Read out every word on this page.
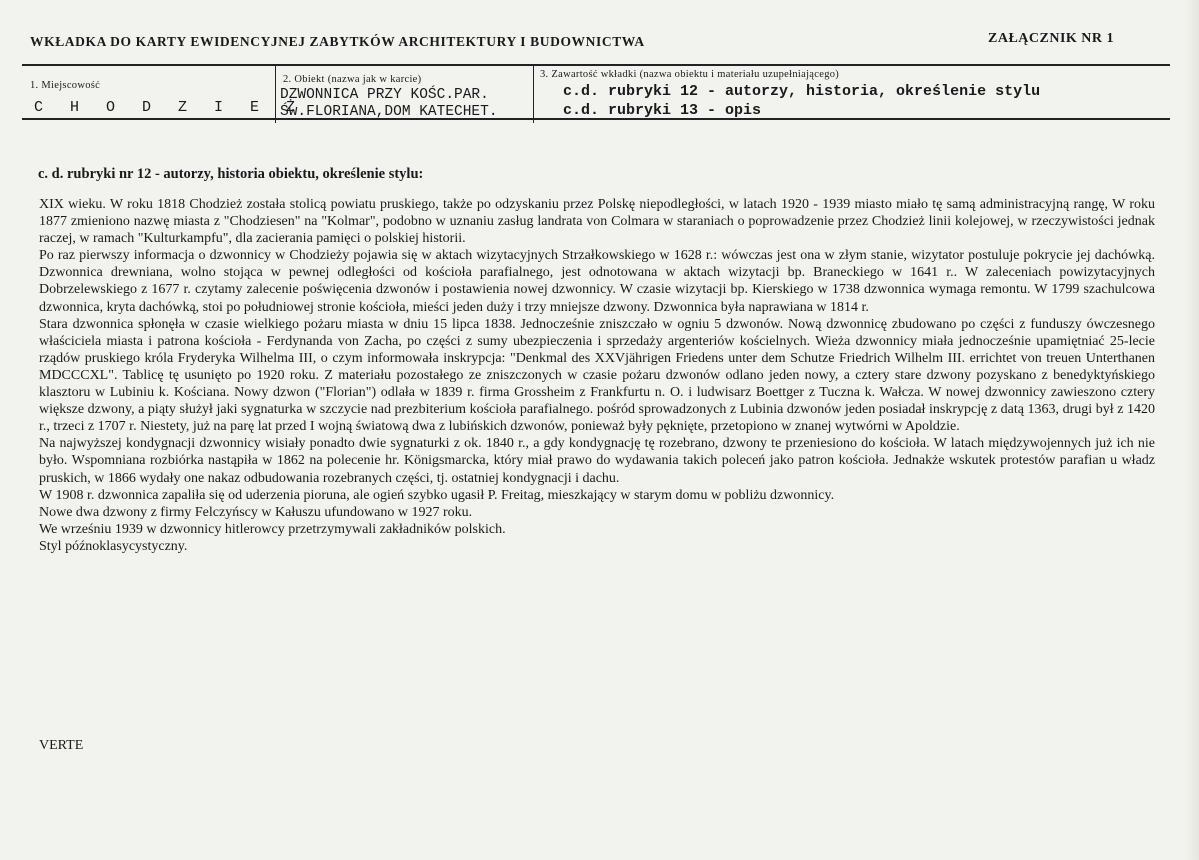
WKŁADKA DO KARTY EWIDENCYJNEJ ZABYTKÓW ARCHITEKTURY I BUDOWNICTWA	ZAŁĄCZNIK NR 1
1. Miejscowość
C H O D Z I E Ż
2. Obiekt (nazwa jak w karcie)
DZWONNICA PRZY KOŚC.PAR.
Św.FLORIANA,DOM KATECHET.
3. Zawartość wkładki (nazwa obiektu i materiału uzupełniającego)
c.d. rubryki 12 - autorzy, historia, określenie stylu
c.d. rubryki 13 - opis
c. d. rubryki nr 12 - autorzy, historia obiektu, określenie stylu:

XIX wieku. W roku 1818 Chodzież została stolicą powiatu pruskiego, także po odzyskaniu przez Polskę niepodległości, w latach 1920 - 1939 miasto miało tę samą administracyjną rangę, W roku 1877 zmieniono nazwę miasta z "Chodziesen" na "Kolmar", podobno w uznaniu zasług landrata von Colmara w staraniach o poprowadzenie przez Chodzież linii kolejowej, w rzeczywistości jednak raczej, w ramach "Kulturkampfu", dla zacierania pamięci o polskiej historii.

Po raz pierwszy informacja o dzwonnicy w Chodzieży pojawia się w aktach wizytacyjnych Strzałkowskiego w 1628 r.: wówczas jest ona w złym stanie, wizytator postuluje pokrycie jej dachówką. Dzwonnica drewniana, wolno stojąca w pewnej odległości od kościoła parafialnego, jest odnotowana w aktach wizytacji bp. Braneckiego w 1641 r.. W zaleceniach powizytacyjnych Dobrzelewskiego z 1677 r. czytamy zalecenie poświęcenia dzwonów i postawienia nowej dzwonnicy. W czasie wizytacji bp. Kierskiego w 1738 dzwonnica wymaga remontu. W 1799 szachulcowa dzwonnica, kryta dachówką, stoi po południowej stronie kościoła, mieści jeden duży i trzy mniejsze dzwony. Dzwonnica była naprawiana w 1814 r.

Stara dzwonnica spłonęła w czasie wielkiego pożaru miasta w dniu 15 lipca 1838. Jednocześnie zniszczało w ogniu 5 dzwonów. Nową dzwonnicę zbudowano po części z funduszy ówczesnego właściciela miasta i patrona kościoła - Ferdynanda von Zacha, po części z sumy ubezpieczenia i sprzedaży argenteriów kościelnych. Wieża dzwonnicy miała jednocześnie upamiętniać 25-lecie rządów pruskiego króla Fryderyka Wilhelma III, o czym informowała inskrypcja: "Denkmal des XXVjährigen Friedens unter dem Schutze Friedrich Wilhelm III. errichtet von treuen Unterthanen MDCCCXL". Tablicę tę usunięto po 1920 roku. Z materiału pozostałego ze zniszczonych w czasie pożaru dzwonów odlano jeden nowy, a cztery stare dzwony pozyskano z benedyktyńskiego klasztoru w Lubiniu k. Kościana. Nowy dzwon ("Florian") odlała w 1839 r. firma Grossheim z Frankfurtu n. O. i ludwisarz Boettger z Tuczna k. Wałcza. W nowej dzwonnicy zawieszono cztery większe dzwony, a piąty służył jaki sygnaturka w szczycie nad prezbiterium kościoła parafialnego. pośród sprowadzonych z Lubinia dzwonów jeden posiadał inskrypcję z datą 1363, drugi był z 1420 r., trzeci z 1707 r. Niestety, już na parę lat przed I wojną światową dwa z lubińskich dzwonów, ponieważ były pęknięte, przetopiono w znanej wytwórni w Apoldzie.

Na najwyższej kondygnacji dzwonnicy wisiały ponadto dwie sygnaturki z ok. 1840 r., a gdy kondygnację tę rozebrano, dzwony te przeniesiono do kościoła. W latach międzywojennych już ich nie było. Wspomniana rozbiórka nastąpiła w 1862 na polecenie hr. Königsmarcka, który miał prawo do wydawania takich poleceń jako patron kościoła. Jednakże wskutek protestów parafian u władz pruskich, w 1866 wydały one nakaz odbudowania rozebranych części, tj. ostatniej kondygnacji i dachu.

W 1908 r. dzwonnica zapaliła się od uderzenia pioruna, ale ogień szybko ugasił P. Freitag, mieszkający w starym domu w pobliżu dzwonnicy.

Nowe dwa dzwony z firmy Felczyńscy w Kałuszu ufundowano w 1927 roku.

We wrześniu 1939 w dzwonnicy hitlerowcy przetrzymywali zakładników polskich.

Styl późnoklasycystyczny.

VERTE
